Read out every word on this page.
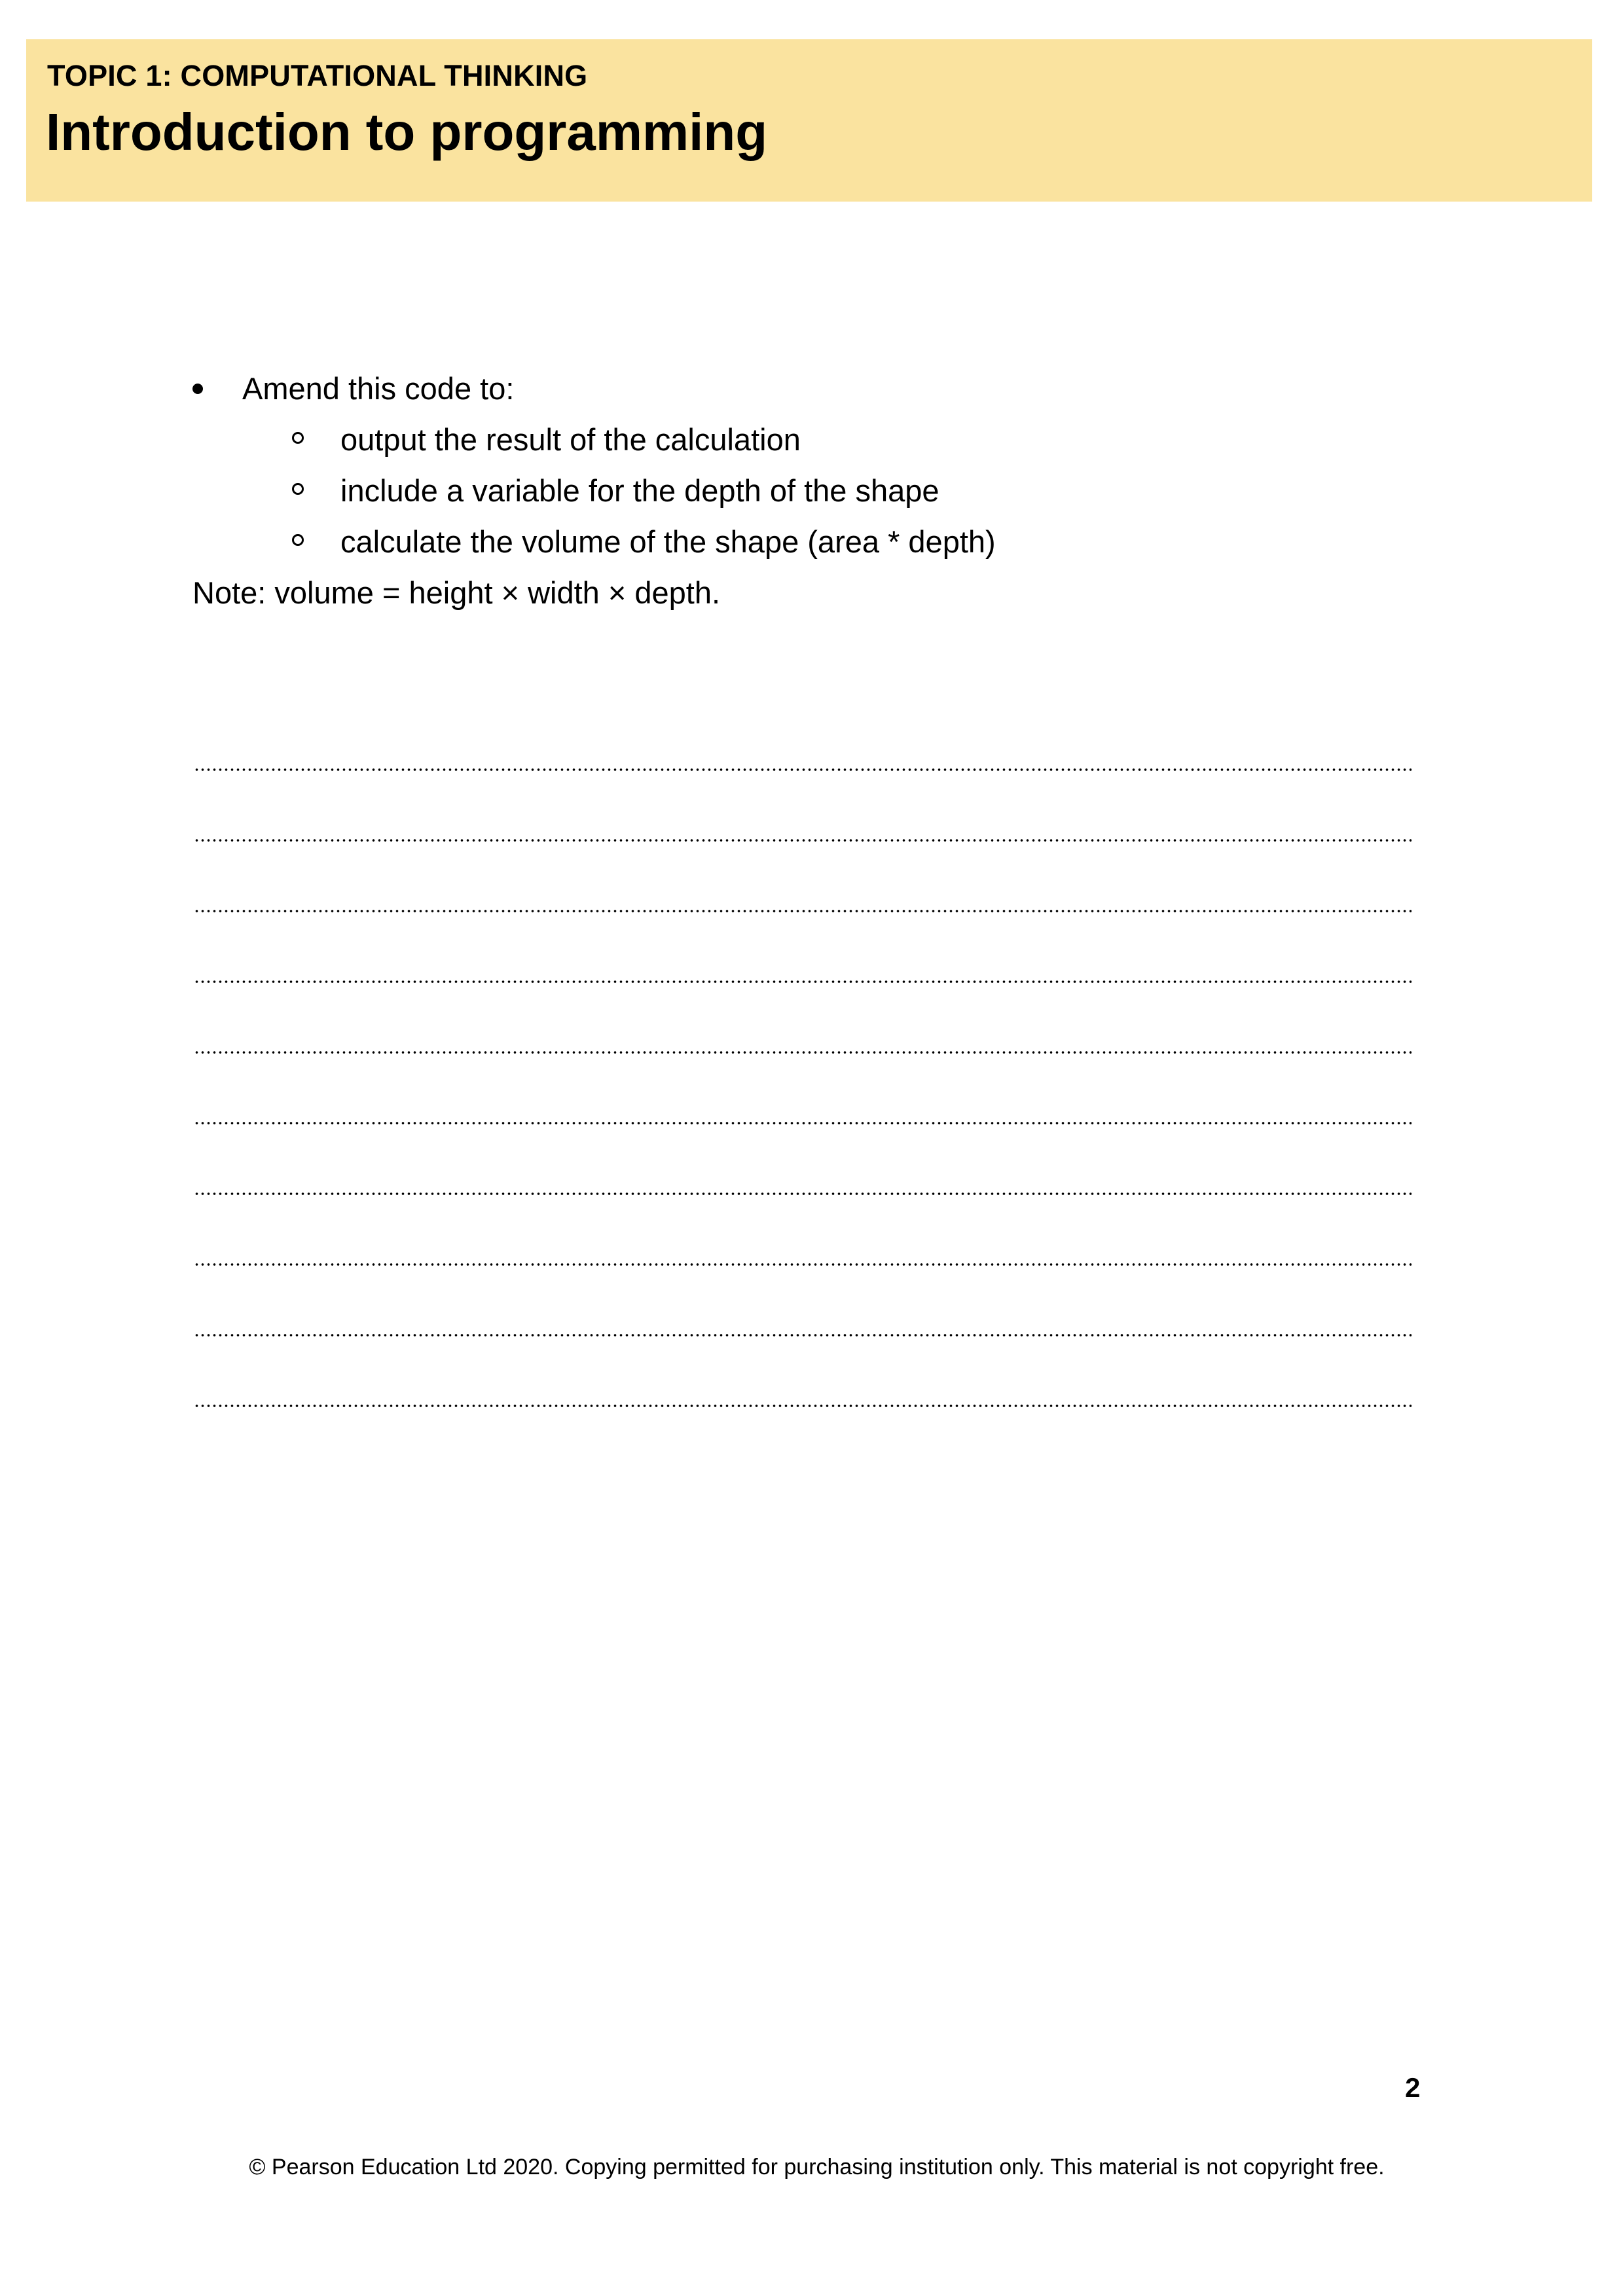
TOPIC 1: COMPUTATIONAL THINKING
Introduction to programming
Amend this code to:
output the result of the calculation
include a variable for the depth of the shape
calculate the volume of the shape (area * depth)
Note: volume = height × width × depth.
2
© Pearson Education Ltd 2020. Copying permitted for purchasing institution only. This material is not copyright free.
